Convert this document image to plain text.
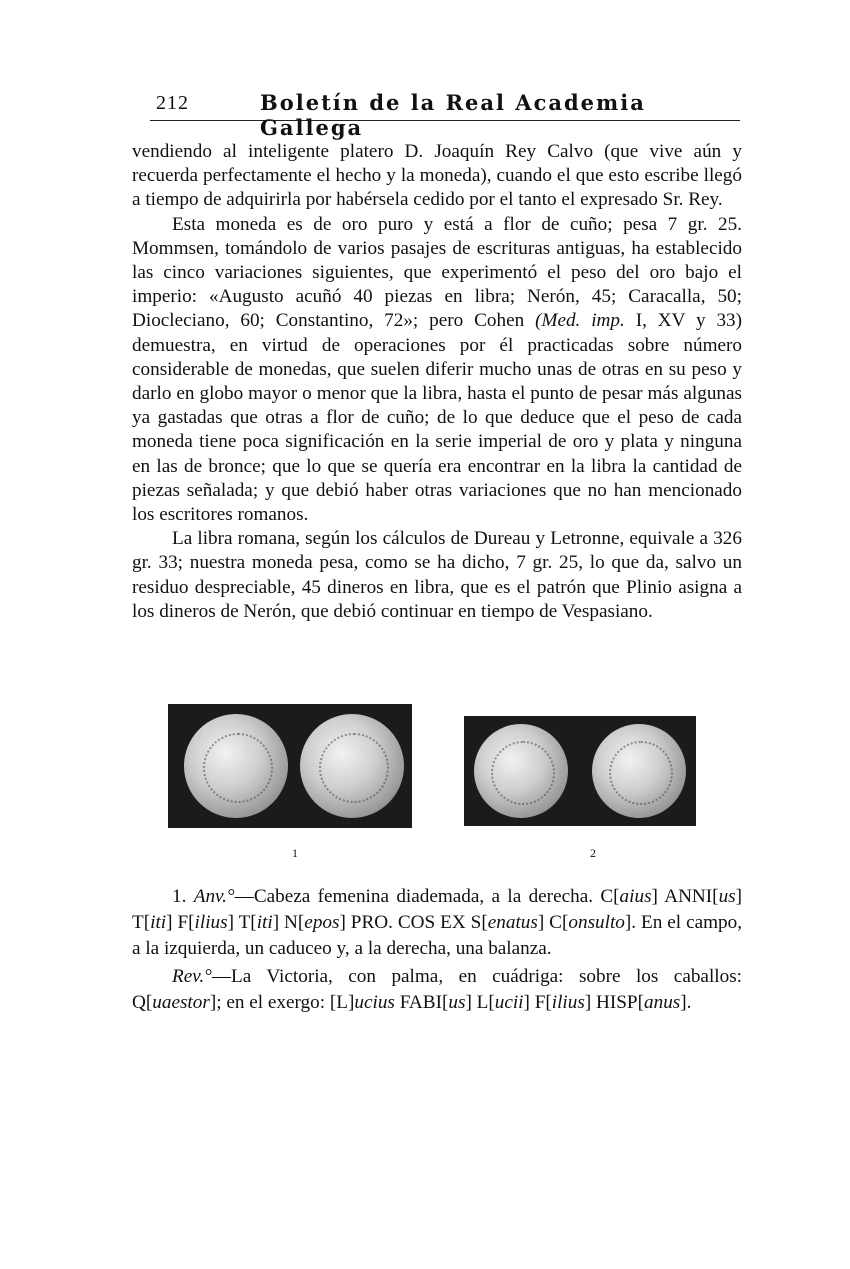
212	Boletín de la Real Academia Gallega

vendiendo al inteligente platero D. Joaquín Rey Calvo (que vive aún y recuerda perfectamente el hecho y la moneda), cuando el que esto escribe llegó a tiempo de adquirirla por habérsela cedido por el tanto el expresado Sr. Rey.

Esta moneda es de oro puro y está a flor de cuño; pesa 7 gr. 25. Mommsen, tomándolo de varios pasajes de escrituras antiguas, ha establecido las cinco variaciones siguientes, que experimentó el peso del oro bajo el imperio: «Augusto acuñó 40 piezas en libra; Nerón, 45; Caracalla, 50; Diocleciano, 60; Constantino, 72»; pero Cohen (Med. imp. I, XV y 33) demuestra, en virtud de operaciones por él practicadas sobre número considerable de monedas, que suelen diferir mucho unas de otras en su peso y darlo en globo mayor o menor que la libra, hasta el punto de pesar más algunas ya gastadas que otras a flor de cuño; de lo que deduce que el peso de cada moneda tiene poca significación en la serie imperial de oro y plata y ninguna en las de bronce; que lo que se quería era encontrar en la libra la cantidad de piezas señalada; y que debió haber otras variaciones que no han mencionado los escritores romanos.

La libra romana, según los cálculos de Dureau y Letronne, equivale a 326 gr. 33; nuestra moneda pesa, como se ha dicho, 7 gr. 25, lo que da, salvo un residuo despreciable, 45 dineros en libra, que es el patrón que Plinio asigna a los dineros de Nerón, que debió continuar en tiempo de Vespasiano.

1	2

1. Anv.°—Cabeza femenina diademada, a la derecha. C[aius] ANNI[us] T[iti] F[ilius] T[iti] N[epos] PRO. COS EX S[enatus] C[onsulto]. En el campo, a la izquierda, un caduceo y, a la derecha, una balanza.

Rev.°—La Victoria, con palma, en cuádriga: sobre los caballos: Q[uaestor]; en el exergo: [L]ucius FABI[us] L[ucii] F[ilius] HISP[anus].
